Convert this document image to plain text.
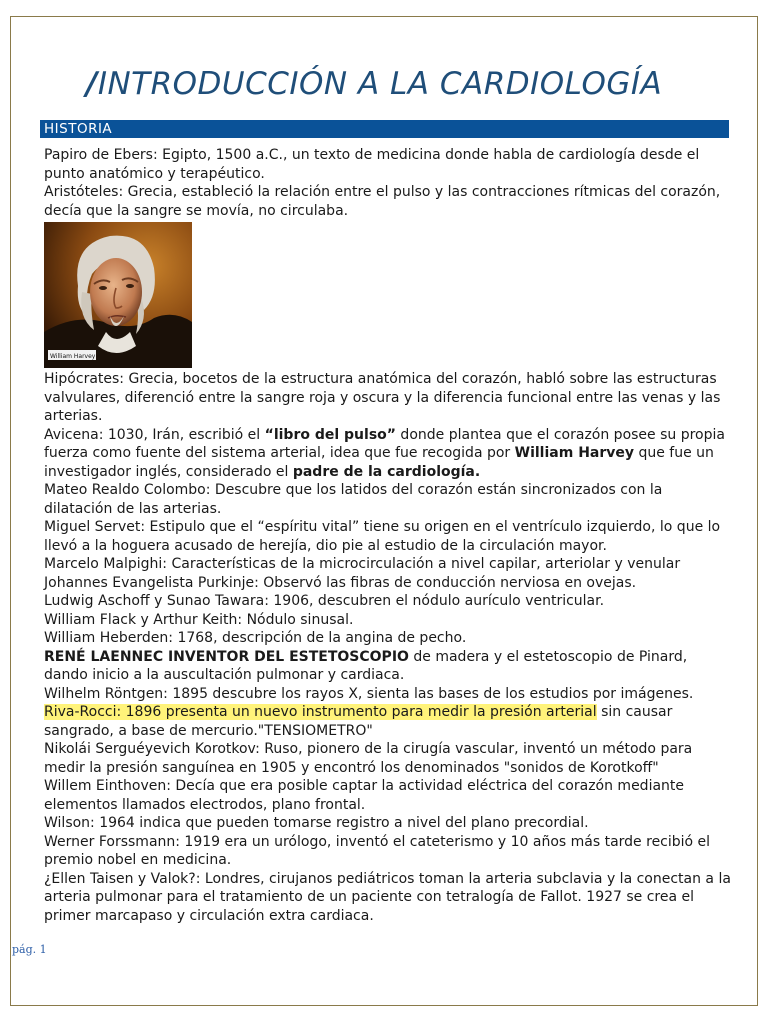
/INTRODUCCIÓN A LA CARDIOLOGÍA
HISTORIA

Papiro de Ebers: Egipto, 1500 a.C., un texto de medicina donde habla de cardiología desde el punto anatómico y terapéutico.

Aristóteles: Grecia, estableció la relación entre el pulso y las contracciones rítmicas del corazón, decía que la sangre se movía, no circulaba.

William Harvey

Hipócrates: Grecia, bocetos de la estructura anatómica del corazón, habló sobre las estructuras valvulares, diferenció entre la sangre roja y oscura y la diferencia funcional entre las venas y las arterias.

Avicena: 1030, Irán, escribió el “libro del pulso” donde plantea que el corazón posee su propia fuerza como fuente del sistema arterial, idea que fue recogida por William Harvey que fue un investigador inglés, considerado el padre de la cardiología.

Mateo Realdo Colombo: Descubre que los latidos del corazón están sincronizados con la dilatación de las arterias.

Miguel Servet: Estipulo que el “espíritu vital” tiene su origen en el ventrículo izquierdo, lo que lo llevó a la hoguera acusado de herejía, dio pie al estudio de la circulación mayor.

Marcelo Malpighi: Características de la microcirculación a nivel capilar, arteriolar y venular

Johannes Evangelista Purkinje: Observó las fibras de conducción nerviosa en ovejas.

Ludwig Aschoff y Sunao Tawara: 1906, descubren el nódulo aurículo ventricular.

William Flack y Arthur Keith: Nódulo sinusal.

William Heberden: 1768, descripción de la angina de pecho.

RENÉ LAENNEC INVENTOR DEL ESTETOSCOPIO de madera y el estetoscopio de Pinard, dando inicio a la auscultación pulmonar y cardiaca.

Wilhelm Röntgen: 1895 descubre los rayos X, sienta las bases de los estudios por imágenes.

Riva-Rocci: 1896 presenta un nuevo instrumento para medir la presión arterial sin causar sangrado, a base de mercurio."TENSIOMETRO"

Nikolái Serguéyevich Korotkov: Ruso, pionero de la cirugía vascular, inventó un método para medir la presión sanguínea en 1905 y encontró los denominados "sonidos de Korotkoff"

Willem Einthoven: Decía que era posible captar la actividad eléctrica del corazón mediante elementos llamados electrodos, plano frontal.

Wilson: 1964 indica que pueden tomarse registro a nivel del plano precordial.

Werner Forssmann: 1919 era un urólogo, inventó el cateterismo y 10 años más tarde recibió el premio nobel en medicina.

¿Ellen Taisen y Valok?: Londres, cirujanos pediátricos toman la arteria subclavia y la conectan a la arteria pulmonar para el tratamiento de un paciente con tetralogía de Fallot. 1927 se crea el primer marcapaso y circulación extra cardiaca.

pág. 1
